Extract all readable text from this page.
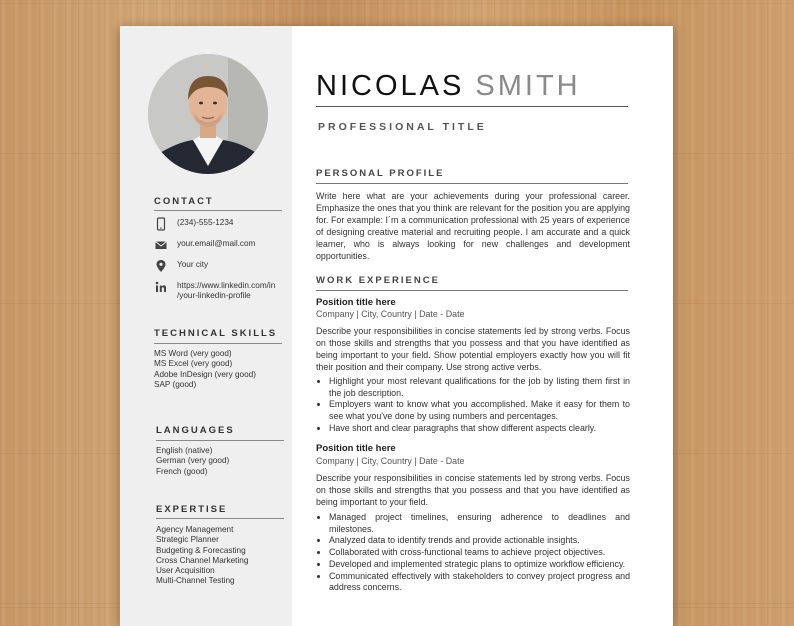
CONTACT
(234)-555-1234
your.email@mail.com
Your city
https://www.linkedin.com/in
/your-linkedin-profile
TECHNICAL SKILLS
MS Word (very good)
MS Excel (very good)
Adobe InDesign (very good)
SAP (good)
LANGUAGES
English (native)
German (very good)
French (good)
EXPERTISE
Agency Management
Strategic Planner
Budgeting & Forecasting
Cross Channel Marketing
User Acquisition
Multi-Channel Testing
NICOLAS SMITH
PROFESSIONAL TITLE
PERSONAL PROFILE

Write here what are your achievements during your professional career. Emphasize the ones that you think are relevant for the position you are applying for. For example: I´m a communication professional with 25 years of experience of designing creative material and recruiting people. I am accurate and a quick learner, who is always looking for new challenges and development opportunities.

WORK EXPERIENCE
Position title here
Company | City, Country | Date - Date

Describe your responsibilities in concise statements led by strong verbs. Focus on those skills and strengths that you possess and that you have identified as being important to your field. Show potential employers exactly how you will fit their position and their company. Use strong active verbs.

• Highlight your most relevant qualifications for the job by listing them first in the job description.
• Employers want to know what you accomplished. Make it easy for them to see what you've done by using numbers and percentages.
• Have short and clear paragraphs that show different aspects clearly.
Position title here
Company | City, Country | Date - Date

Describe your responsibilities in concise statements led by strong verbs. Focus on those skills and strengths that you possess and that you have identified as being important to your field.

• Managed project timelines, ensuring adherence to deadlines and milestones.
• Analyzed data to identify trends and provide actionable insights.
• Collaborated with cross-functional teams to achieve project objectives.
• Developed and implemented strategic plans to optimize workflow efficiency.
• Communicated effectively with stakeholders to convey project progress and address concerns.
